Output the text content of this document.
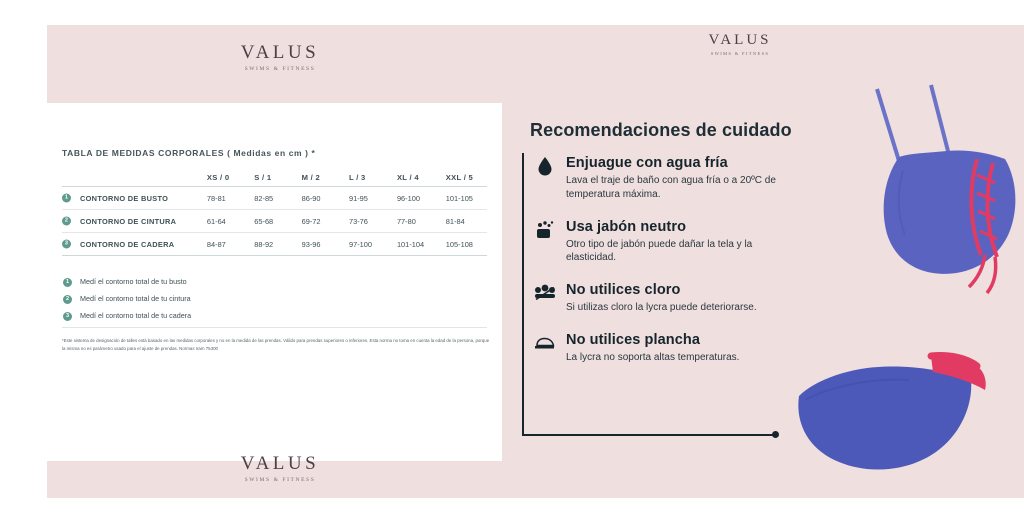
VALUS
SWIMS & FITNESS
VALUS
SWIMS & FITNESS
TABLA DE MEDIDAS CORPORALES ( Medidas en cm ) *
	XS / 0	S / 1	M / 2	L / 3	XL / 4	XXL / 5

1 CONTORNO DE BUSTO	78-81	82-85	86-90	91-95	96-100	101-105

2 CONTORNO DE CINTURA	61-64	65-68	69-72	73-76	77-80	81-84

3 CONTORNO DE CADERA	84-87	88-92	93-96	97-100	101-104	105-108
1	Medí el contorno total de tu busto
2	Medí el contorno total de tu cintura
3	Medí el contorno total de tu cadera
*Este sistema de designación de talles está basado en las medidas corporales y no en la medida de las prendas. Válido para prendas superiores o inferiores. Esta norma no toma en cuenta la edad de la persona, porque la misma no es parámetro usado para el ajuste de prendas. Normas Iram 75300
Recomendaciones de cuidado
Enjuague con agua fría

Lava el traje de baño con agua fría o a 20ºC de temperatura máxima.

Usa jabón neutro

Otro tipo de jabón puede dañar la tela y la elasticidad.

No utilices cloro

Si utilizas cloro la lycra puede deteriorarse.

No utilices plancha

La lycra no soporta altas temperaturas.

VALUS
SWIMS & FITNESS
